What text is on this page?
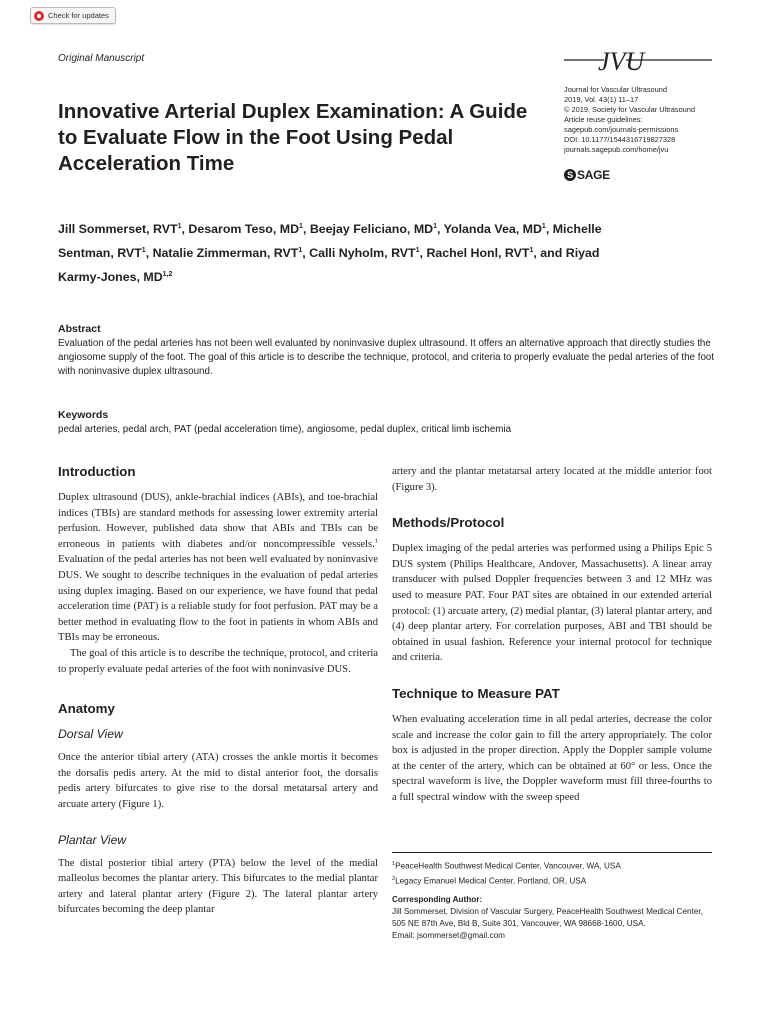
Check for updates
Original Manuscript	JVU
Journal for Vascular Ultrasound
2019, Vol. 43(1) 11–17
© 2019, Society for Vascular Ultrasound
Article reuse guidelines:
sagepub.com/journals-permissions
DOI: 10.1177/1544316719827328
journals.sagepub.com/home/jvu
S SAGE
Innovative Arterial Duplex Examination: A Guide to Evaluate Flow in the Foot Using Pedal Acceleration Time
Jill Sommerset, RVT$^1$, Desarom Teso, $MD^1$, Beejay Feliciano, $MD^1$, Yolanda Vea, $MD^1$, Michelle Sentman, RVT$^1$, Natalie Zimmerman, RVT$^1$, Calli Nyholm, RVT$^1$, Rachel Honl, RVT$^1$, and Riyad Karmy-Jones, MD$^{1,2}$
Abstract
Evaluation of the pedal arteries has not been well evaluated by noninvasive duplex ultrasound. It offers an alternative approach that directly studies the angiosome supply of the foot. The goal of this article is to describe the technique, protocol, and criteria to properly evaluate the pedal arteries of the foot with noninvasive duplex ultrasound.
Keywords
pedal arteries, pedal arch, PAT (pedal acceleration time), angiosome, pedal duplex, critical limb ischemia
Introduction

Duplex ultrasound (DUS), ankle-brachial indices (ABIs), and toe-brachial indices (TBIs) are standard methods for assessing lower extremity arterial perfusion. However, published data show that ABIs and TBIs can be erroneous in patients with diabetes and/or noncompressible vessels.$^1$ Evaluation of the pedal arteries has not been well evaluated by noninvasive DUS. We sought to describe techniques in the evaluation of pedal arteries using duplex imaging. Based on our experience, we have found that pedal acceleration time (PAT) is a reliable study for foot perfusion. PAT may be a better method in evaluating flow to the foot in patients in whom ABIs and TBIs may be erroneous.

The goal of this article is to describe the technique, protocol, and criteria to properly evaluate pedal arteries of the foot with noninvasive DUS.

Anatomy
Dorsal View

Once the anterior tibial artery (ATA) crosses the ankle mortis it becomes the dorsalis pedis artery. At the mid to distal anterior foot, the dorsalis pedis artery bifurcates to give rise to the dorsal metatarsal artery and arcuate artery (Figure 1).

Plantar View

The distal posterior tibial artery (PTA) below the level of the medial malleolus becomes the plantar artery. This bifurcates to the medial plantar artery and lateral plantar artery (Figure 2). The lateral plantar artery bifurcates becoming the deep plantar

artery and the plantar metatarsal artery located at the middle anterior foot (Figure 3).

Methods/Protocol

Duplex imaging of the pedal arteries was performed using a Philips Epic 5 DUS system (Philips Healthcare, Andover, Massachusetts). A linear array transducer with pulsed Doppler frequencies between 3 and 12 MHz was used to measure PAT. Four PAT sites are obtained in our extended arterial protocol: (1) arcuate artery, (2) medial plantar, (3) lateral plantar artery, and (4) deep plantar artery. For correlation purposes, ABI and TBI should be obtained in usual fashion. Reference your internal protocol for technique and criteria.

Technique to Measure PAT

When evaluating acceleration time in all pedal arteries, decrease the color scale and increase the color gain to fill the artery appropriately. The color box is adjusted in the proper direction. Apply the Doppler sample volume at the center of the artery, which can be obtained at 60° or less. Once the spectral waveform is live, the Doppler waveform must fill three-fourths to a full spectral window with the sweep speed

$^1$PeaceHealth Southwest Medical Center, Vancouver, WA, USA
$^2$Legacy Emanuel Medical Center, Portland, OR, USA
Corresponding Author:
Jill Sommerset, Division of Vascular Surgery, PeaceHealth Southwest Medical Center, 505 NE 87th Ave, Bld B, Suite 301, Vancouver, WA 98668-1600, USA.
Email: jsommerset@gmail.com
